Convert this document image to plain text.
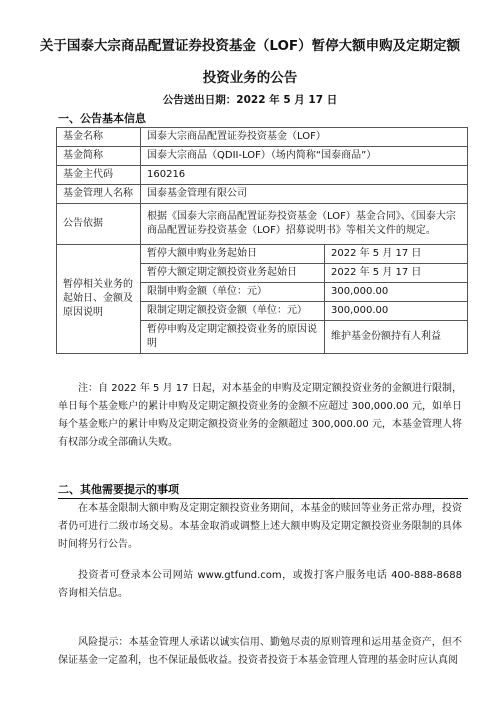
关于国泰大宗商品配置证券投资基金（LOF）暂停大额申购及定期定额投资业务的公告
公告送出日期：2022 年 5 月 17 日
一、公告基本信息
基金名称	国泰大宗商品配置证券投资基金（LOF）	
基金简称	国泰大宗商品（QDII-LOF）（场内简称“国泰商品”）	
基金主代码	160216	
基金管理人名称	国泰基金管理有限公司	
公告依据	根据《国泰大宗商品配置证券投资基金（LOF）基金合同》、《国泰大宗商品配置证券投资基金（LOF）招募说明书》等相关文件的规定。	
暂停相关业务的起始日、金额及原因说明	暂停大额申购业务起始日	2022 年 5 月 17 日
	暂停大额定期定额投资业务起始日	2022 年 5 月 17 日
	限制申购金额（单位：元）	300,000.00
	限制定期定额投资金额（单位：元）	300,000.00
	暂停申购及定期定额投资业务的原因说明	维护基金份额持有人利益
注：自 2022 年 5 月 17 日起，对本基金的申购及定期定额投资业务的金额进行限制，单日每个基金账户的累计申购及定期定额投资业务的金额不应超过 300,000.00 元，如单日每个基金账户的累计申购及定期定额投资业务的金额超过 300,000.00 元，本基金管理人将有权部分或全部确认失败。
二、其他需要提示的事项
在本基金限制大额申购及定期定额投资业务期间，本基金的赎回等业务正常办理，投资者仍可进行二级市场交易。本基金取消或调整上述大额申购及定期定额投资业务限制的具体时间将另行公告。
投资者可登录本公司网站 www.gtfund.com，或拨打客户服务电话 400-888-8688 咨询相关信息。
风险提示：本基金管理人承诺以诚实信用、勤勉尽责的原则管理和运用基金资产，但不保证基金一定盈利，也不保证最低收益。投资者投资于本基金管理人管理的基金时应认真阅
